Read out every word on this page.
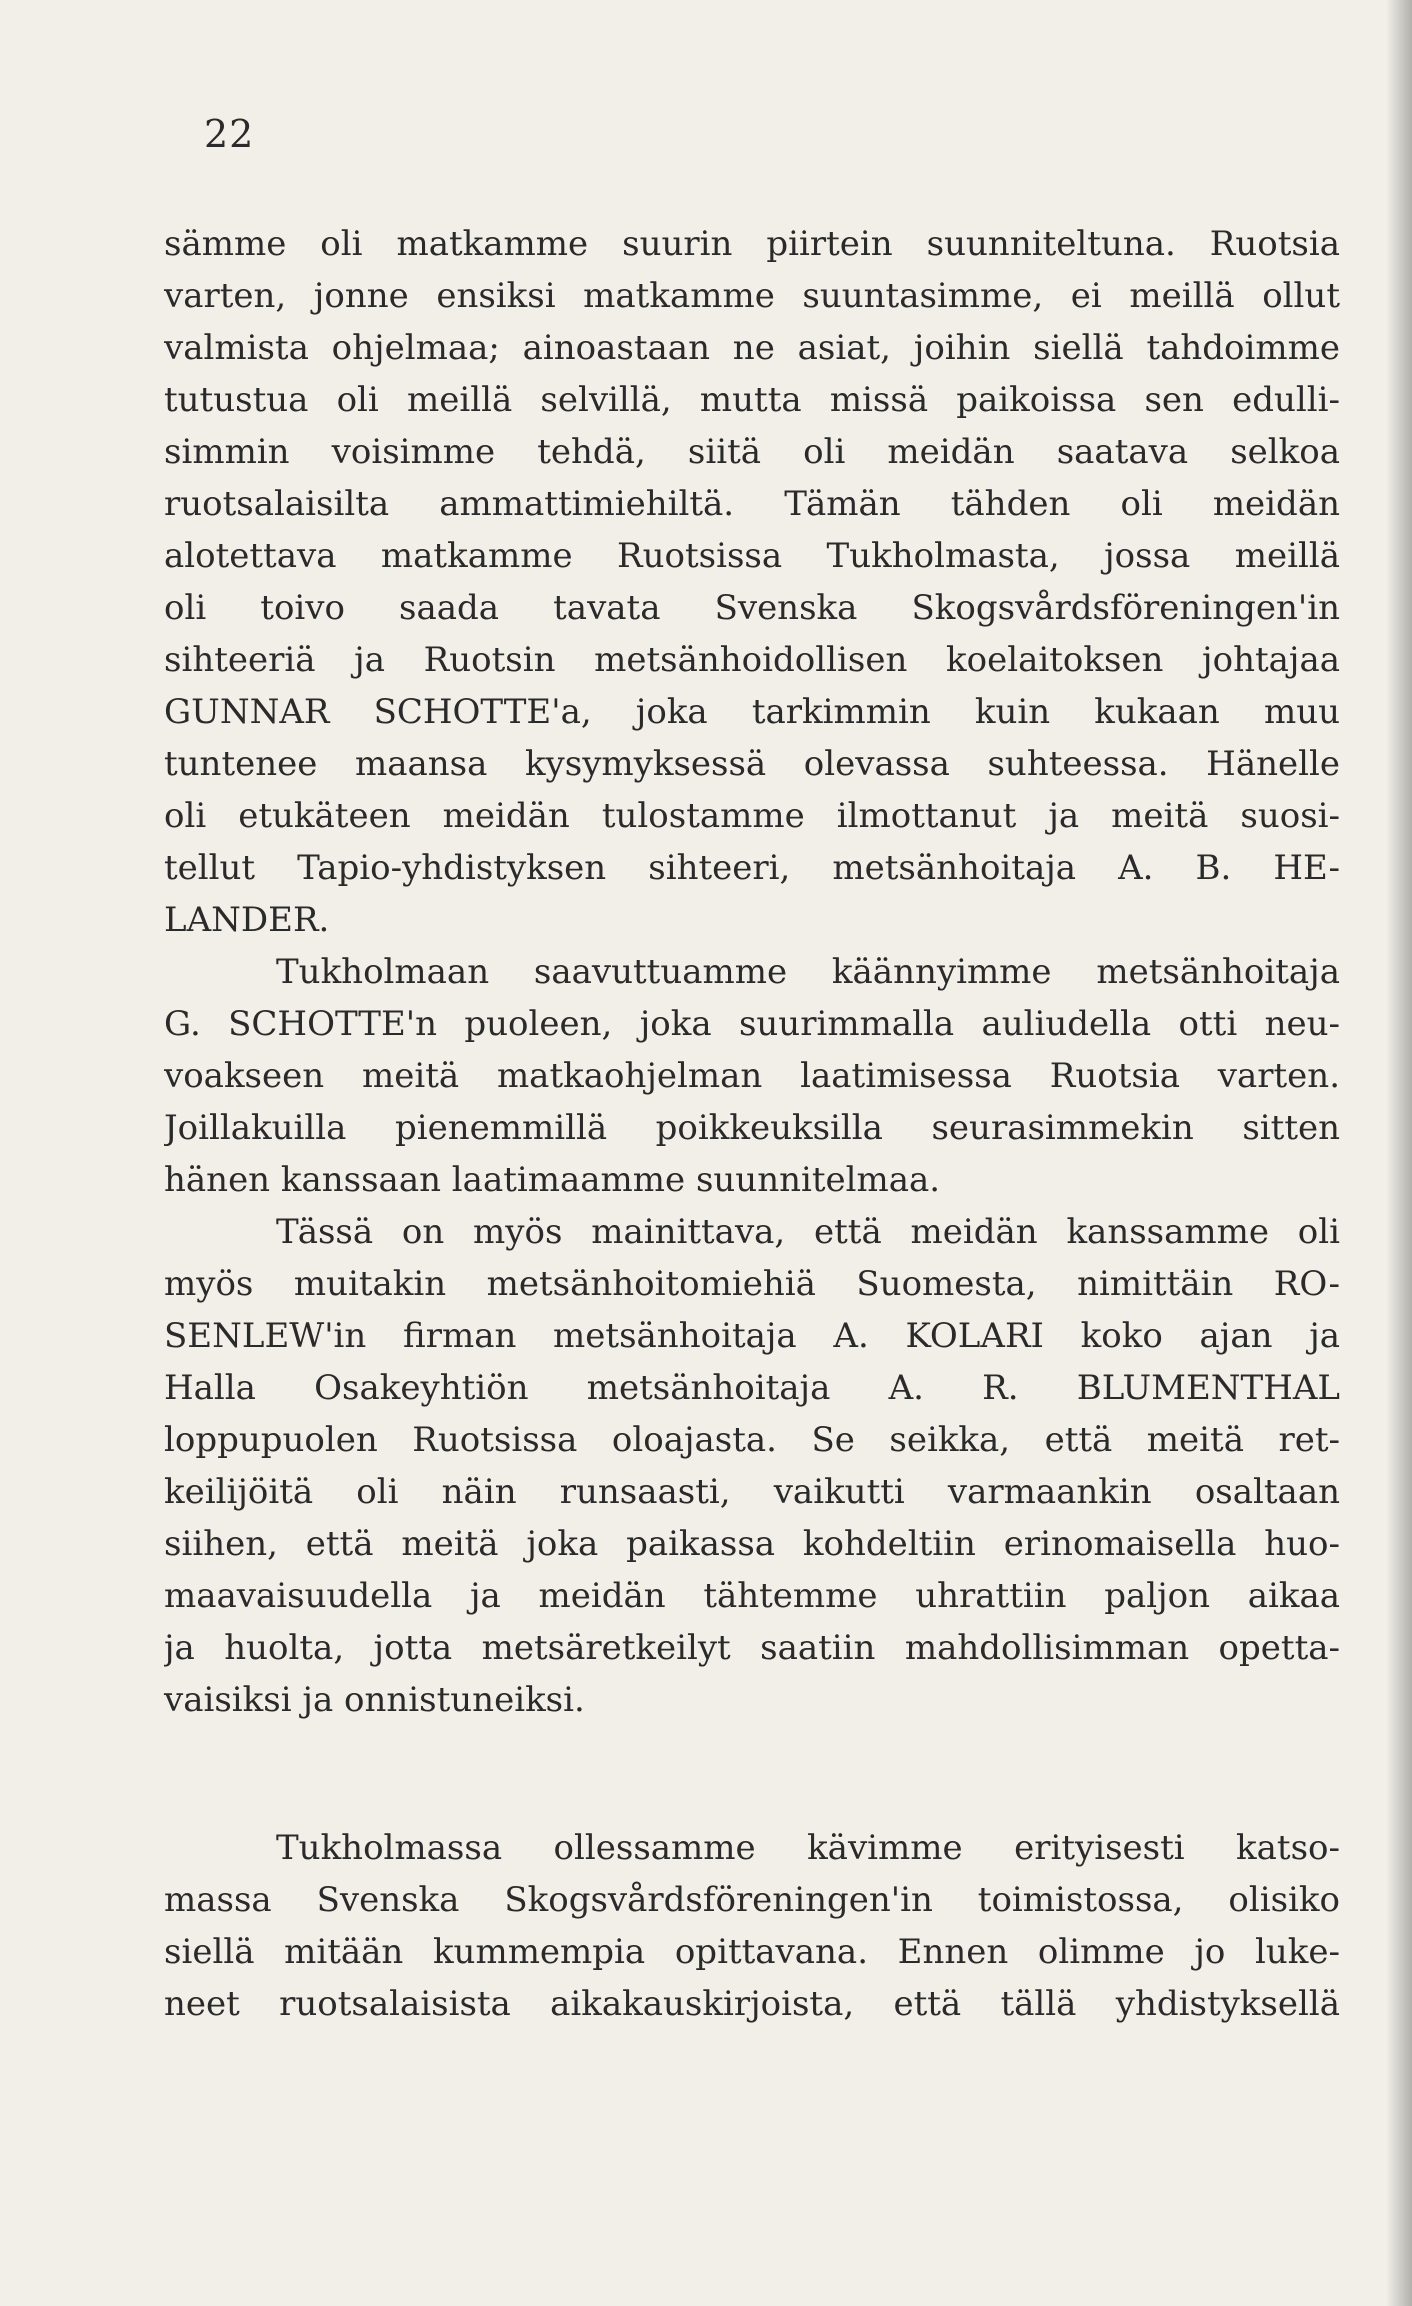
22
sämme oli matkamme suurin piirtein suunniteltuna. Ruotsia
varten, jonne ensiksi matkamme suuntasimme, ei meillä ollut
valmista ohjelmaa; ainoastaan ne asiat, joihin siellä tahdoimme
tutustua oli meillä selvillä, mutta missä paikoissa sen edulli-
simmin voisimme tehdä, siitä oli meidän saatava selkoa
ruotsalaisilta ammattimiehiltä. Tämän tähden oli meidän
alotettava matkamme Ruotsissa Tukholmasta, jossa meillä
oli toivo saada tavata Svenska Skogsvårdsföreningen'in
sihteeriä ja Ruotsin metsänhoidollisen koelaitoksen johtajaa
GUNNAR SCHOTTE'a, joka tarkimmin kuin kukaan muu
tuntenee maansa kysymyksessä olevassa suhteessa. Hänelle
oli etukäteen meidän tulostamme ilmottanut ja meitä suosi-
tellut Tapio-yhdistyksen sihteeri, metsänhoitaja A. B. HE-
LANDER.
Tukholmaan saavuttuamme käännyimme metsänhoitaja
G. SCHOTTE'n puoleen, joka suurimmalla auliudella otti neu-
voakseen meitä matkaohjelman laatimisessa Ruotsia varten.
Joillakuilla pienemmillä poikkeuksilla seurasimmekin sitten
hänen kanssaan laatimaamme suunnitelmaa.
Tässä on myös mainittava, että meidän kanssamme oli
myös muitakin metsänhoitomiehiä Suomesta, nimittäin RO-
SENLEW'in firman metsänhoitaja A. KOLARI koko ajan ja
Halla Osakeyhtiön metsänhoitaja A. R. BLUMENTHAL
loppupuolen Ruotsissa oloajasta. Se seikka, että meitä ret-
keilijöitä oli näin runsaasti, vaikutti varmaankin osaltaan
siihen, että meitä joka paikassa kohdeltiin erinomaisella huo-
maavaisuudella ja meidän tähtemme uhrattiin paljon aikaa
ja huolta, jotta metsäretkeilyt saatiin mahdollisimman opetta-
vaisiksi ja onnistuneiksi.
Tukholmassa ollessamme kävimme erityisesti katso-
massa Svenska Skogsvårdsföreningen'in toimistossa, olisiko
siellä mitään kummempia opittavana. Ennen olimme jo luke-
neet ruotsalaisista aikakauskirjoista, että tällä yhdistyksellä
